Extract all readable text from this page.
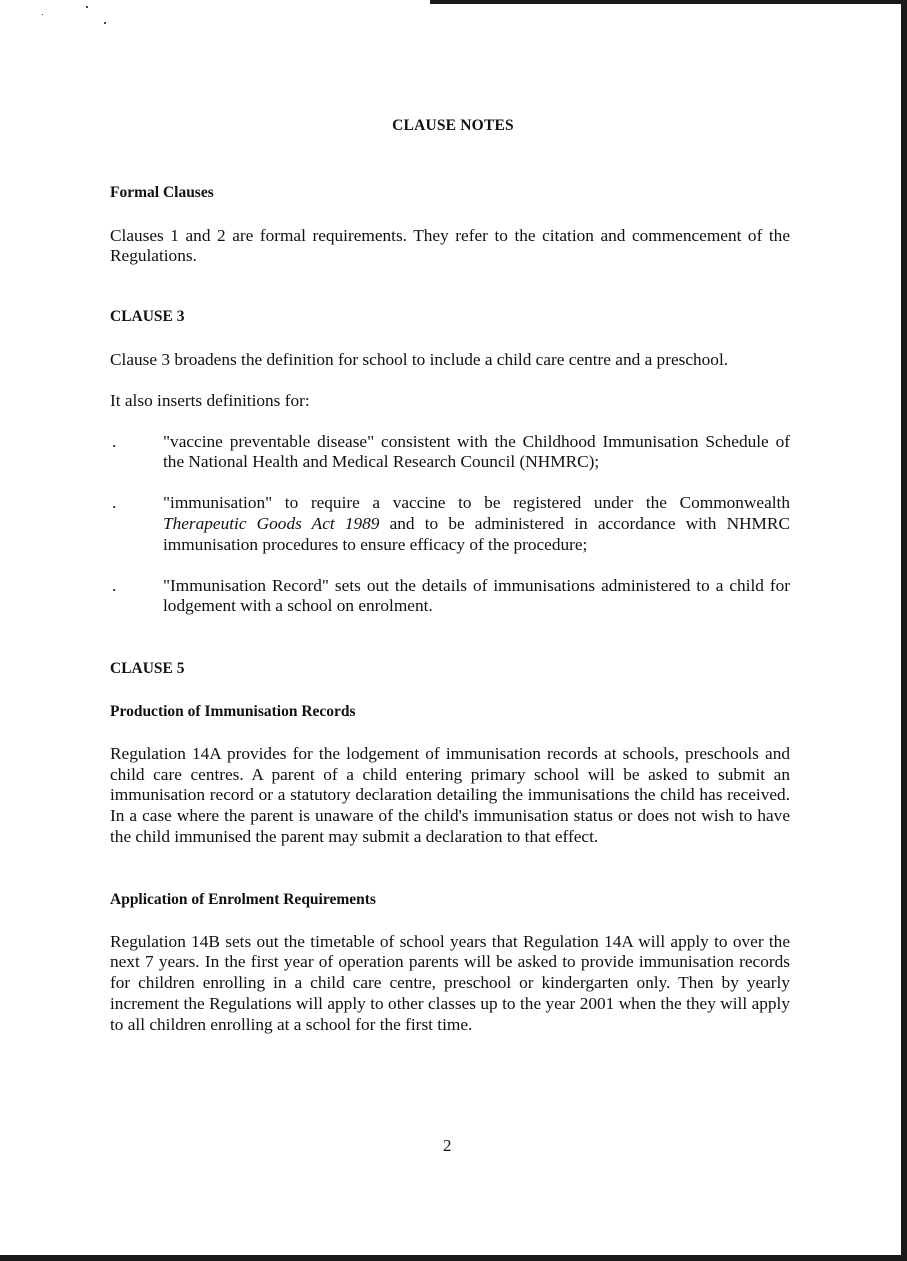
CLAUSE NOTES
Formal Clauses

Clauses 1 and 2 are formal requirements. They refer to the citation and commencement of the Regulations.

CLAUSE 3

Clause 3 broadens the definition for school to include a child care centre and a preschool.

It also inserts definitions for:

.	"vaccine preventable disease" consistent with the Childhood Immunisation Schedule of the National Health and Medical Research Council (NHMRC);
.	"immunisation" to require a vaccine to be registered under the Commonwealth Therapeutic Goods Act 1989 and to be administered in accordance with NHMRC immunisation procedures to ensure efficacy of the procedure;
.	"Immunisation Record" sets out the details of immunisations administered to a child for lodgement with a school on enrolment.
CLAUSE 5
Production of Immunisation Records

Regulation 14A provides for the lodgement of immunisation records at schools, preschools and child care centres. A parent of a child entering primary school will be asked to submit an immunisation record or a statutory declaration detailing the immunisations the child has received. In a case where the parent is unaware of the child's immunisation status or does not wish to have the child immunised the parent may submit a declaration to that effect.

Application of Enrolment Requirements

Regulation 14B sets out the timetable of school years that Regulation 14A will apply to over the next 7 years. In the first year of operation parents will be asked to provide immunisation records for children enrolling in a child care centre, preschool or kindergarten only. Then by yearly increment the Regulations will apply to other classes up to the year 2001 when the they will apply to all children enrolling at a school for the first time.

2
